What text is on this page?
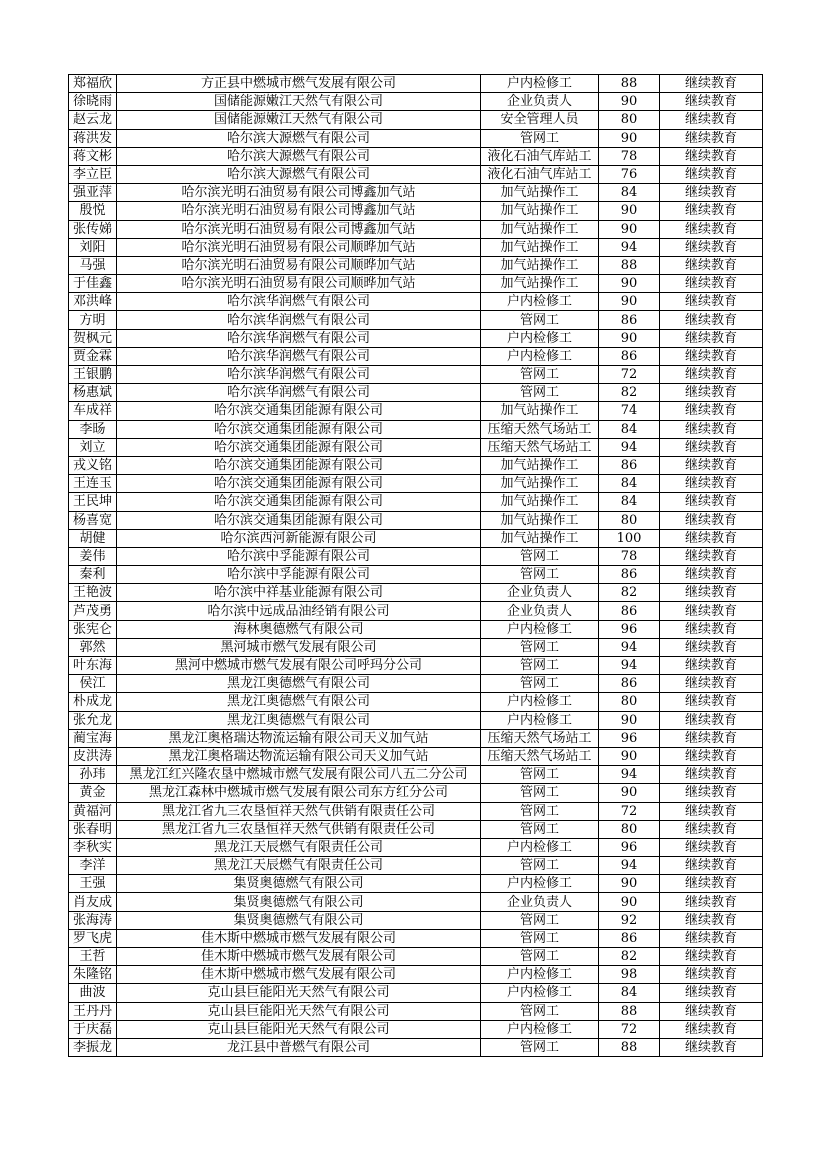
郑福欣	方正县中燃城市燃气发展有限公司	户内检修工	88	继续教育
徐晓雨	国储能源嫩江天然气有限公司	企业负责人	90	继续教育
赵云龙	国储能源嫩江天然气有限公司	安全管理人员	80	继续教育
蒋洪发	哈尔滨大源燃气有限公司	管网工	90	继续教育
蒋文彬	哈尔滨大源燃气有限公司	液化石油气库站工	78	继续教育
李立臣	哈尔滨大源燃气有限公司	液化石油气库站工	76	继续教育
强亚萍	哈尔滨光明石油贸易有限公司博鑫加气站	加气站操作工	84	继续教育
殷悦	哈尔滨光明石油贸易有限公司博鑫加气站	加气站操作工	90	继续教育
张传娣	哈尔滨光明石油贸易有限公司博鑫加气站	加气站操作工	90	继续教育
刘阳	哈尔滨光明石油贸易有限公司顺晔加气站	加气站操作工	94	继续教育
马强	哈尔滨光明石油贸易有限公司顺晔加气站	加气站操作工	88	继续教育
于佳鑫	哈尔滨光明石油贸易有限公司顺晔加气站	加气站操作工	90	继续教育
邓洪峰	哈尔滨华润燃气有限公司	户内检修工	90	继续教育
方明	哈尔滨华润燃气有限公司	管网工	86	继续教育
贺枫元	哈尔滨华润燃气有限公司	户内检修工	90	继续教育
贾金霖	哈尔滨华润燃气有限公司	户内检修工	86	继续教育
王银鹏	哈尔滨华润燃气有限公司	管网工	72	继续教育
杨惠斌	哈尔滨华润燃气有限公司	管网工	82	继续教育
车成祥	哈尔滨交通集团能源有限公司	加气站操作工	74	继续教育
李旸	哈尔滨交通集团能源有限公司	压缩天然气场站工	84	继续教育
刘立	哈尔滨交通集团能源有限公司	压缩天然气场站工	94	继续教育
戎义铭	哈尔滨交通集团能源有限公司	加气站操作工	86	继续教育
王连玉	哈尔滨交通集团能源有限公司	加气站操作工	84	继续教育
王民坤	哈尔滨交通集团能源有限公司	加气站操作工	84	继续教育
杨喜宽	哈尔滨交通集团能源有限公司	加气站操作工	80	继续教育
胡健	哈尔滨西河新能源有限公司	加气站操作工	100	继续教育
姜伟	哈尔滨中孚能源有限公司	管网工	78	继续教育
秦利	哈尔滨中孚能源有限公司	管网工	86	继续教育
王艳波	哈尔滨中祥基业能源有限公司	企业负责人	82	继续教育
芦茂勇	哈尔滨中远成品油经销有限公司	企业负责人	86	继续教育
张宪仑	海林奥德燃气有限公司	户内检修工	96	继续教育
郭然	黑河城市燃气发展有限公司	管网工	94	继续教育
叶东海	黑河中燃城市燃气发展有限公司呼玛分公司	管网工	94	继续教育
侯江	黑龙江奥德燃气有限公司	管网工	86	继续教育
朴成龙	黑龙江奥德燃气有限公司	户内检修工	80	继续教育
张允龙	黑龙江奥德燃气有限公司	户内检修工	90	继续教育
蔺宝海	黑龙江奥格瑞达物流运输有限公司天义加气站	压缩天然气场站工	96	继续教育
皮洪涛	黑龙江奥格瑞达物流运输有限公司天义加气站	压缩天然气场站工	90	继续教育
孙玮	黑龙江红兴隆农垦中燃城市燃气发展有限公司八五二分公司	管网工	94	继续教育
黄金	黑龙江森林中燃城市燃气发展有限公司东方红分公司	管网工	90	继续教育
黄福河	黑龙江省九三农垦恒祥天然气供销有限责任公司	管网工	72	继续教育
张春明	黑龙江省九三农垦恒祥天然气供销有限责任公司	管网工	80	继续教育
李秋实	黑龙江天辰燃气有限责任公司	户内检修工	96	继续教育
李洋	黑龙江天辰燃气有限责任公司	管网工	94	继续教育
王强	集贤奥德燃气有限公司	户内检修工	90	继续教育
肖友成	集贤奥德燃气有限公司	企业负责人	90	继续教育
张海涛	集贤奥德燃气有限公司	管网工	92	继续教育
罗飞虎	佳木斯中燃城市燃气发展有限公司	管网工	86	继续教育
王哲	佳木斯中燃城市燃气发展有限公司	管网工	82	继续教育
朱隆铭	佳木斯中燃城市燃气发展有限公司	户内检修工	98	继续教育
曲波	克山县巨能阳光天然气有限公司	户内检修工	84	继续教育
王丹丹	克山县巨能阳光天然气有限公司	管网工	88	继续教育
于庆磊	克山县巨能阳光天然气有限公司	户内检修工	72	继续教育
李振龙	龙江县中普燃气有限公司	管网工	88	继续教育
